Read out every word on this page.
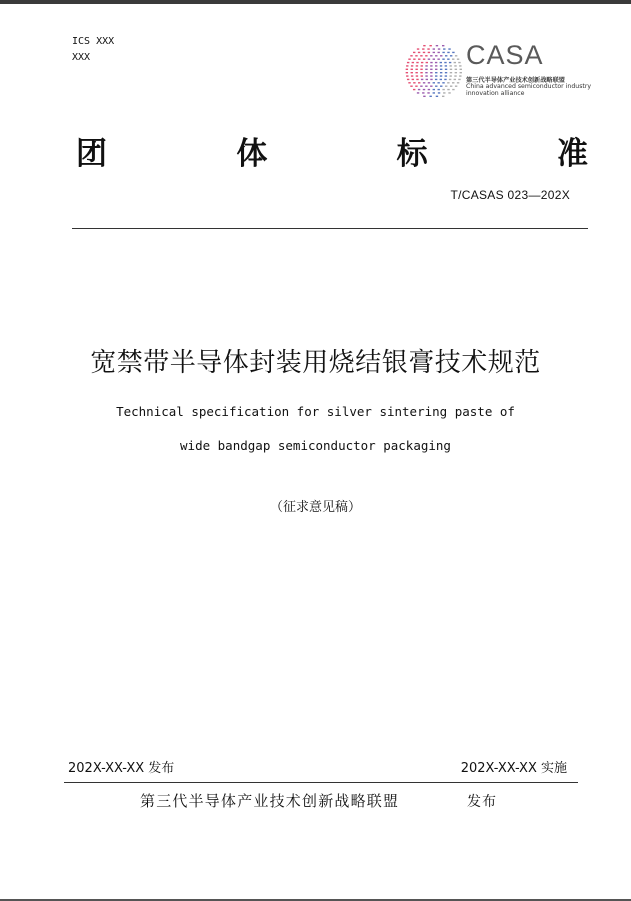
ICS XXX
XXX	CASA
第三代半导体产业技术创新战略联盟
China advanced semiconductor industry
innovation alliance
团	体	标	准
T/CASAS 023—202X
宽禁带半导体封装用烧结银膏技术规范
Technical specification for silver sintering paste of
wide bandgap semiconductor packaging
（征求意见稿）
202X-XX-XX 发布	202X-XX-XX 实施
第三代半导体产业技术创新战略联盟	发布
